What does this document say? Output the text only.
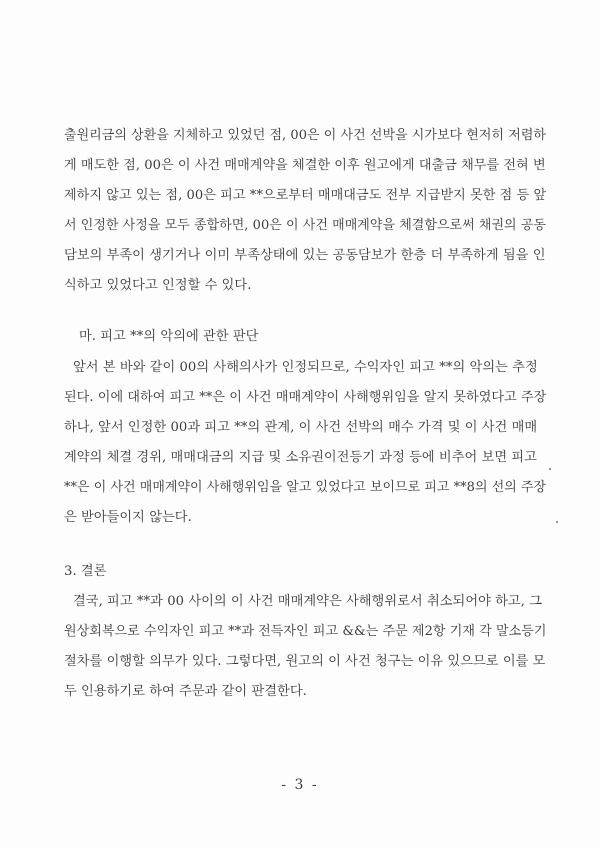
출원리금의 상환을 지체하고 있었던 점, 00은 이 사건 선박을 시가보다 현저히 저렴하
게 매도한 점, 00은 이 사건 매매계약을 체결한 이후 원고에게 대출금 채무를 전혀 변
제하지 않고 있는 점, 00은 피고 **으로부터 매매대금도 전부 지급받지 못한 점 등 앞
서 인정한 사정을 모두 종합하면, 00은 이 사건 매매계약을 체결함으로써 채권의 공동
담보의 부족이 생기거나 이미 부족상태에 있는 공동담보가 한층 더 부족하게 됨을 인
식하고 있었다고 인정할 수 있다.
마. 피고 **의 악의에 관한 판단
앞서 본 바와 같이 00의 사해의사가 인정되므로, 수익자인 피고 **의 악의는 추정
된다. 이에 대하여 피고 **은 이 사건 매매계약이 사해행위임을 알지 못하였다고 주장
하나, 앞서 인정한 00과 피고 **의 관계, 이 사건 선박의 매수 가격 및 이 사건 매매
계약의 체결 경위, 매매대금의 지급 및 소유권이전등기 과정 등에 비추어 보면 피고
**은 이 사건 매매계약이 사해행위임을 알고 있었다고 보이므로 피고 **8의 선의 주장
은 받아들이지 않는다.
3. 결론
결국, 피고 **과 00 사이의 이 사건 매매계약은 사해행위로서 취소되어야 하고, 그
원상회복으로 수익자인 피고 **과 전득자인 피고 &&는 주문 제2항 기재 각 말소등기
절차를 이행할 의무가 있다. 그렇다면, 원고의 이 사건 청구는 이유 있으므로 이를 모
두 인용하기로 하여 주문과 같이 판결한다.
- 3 -
